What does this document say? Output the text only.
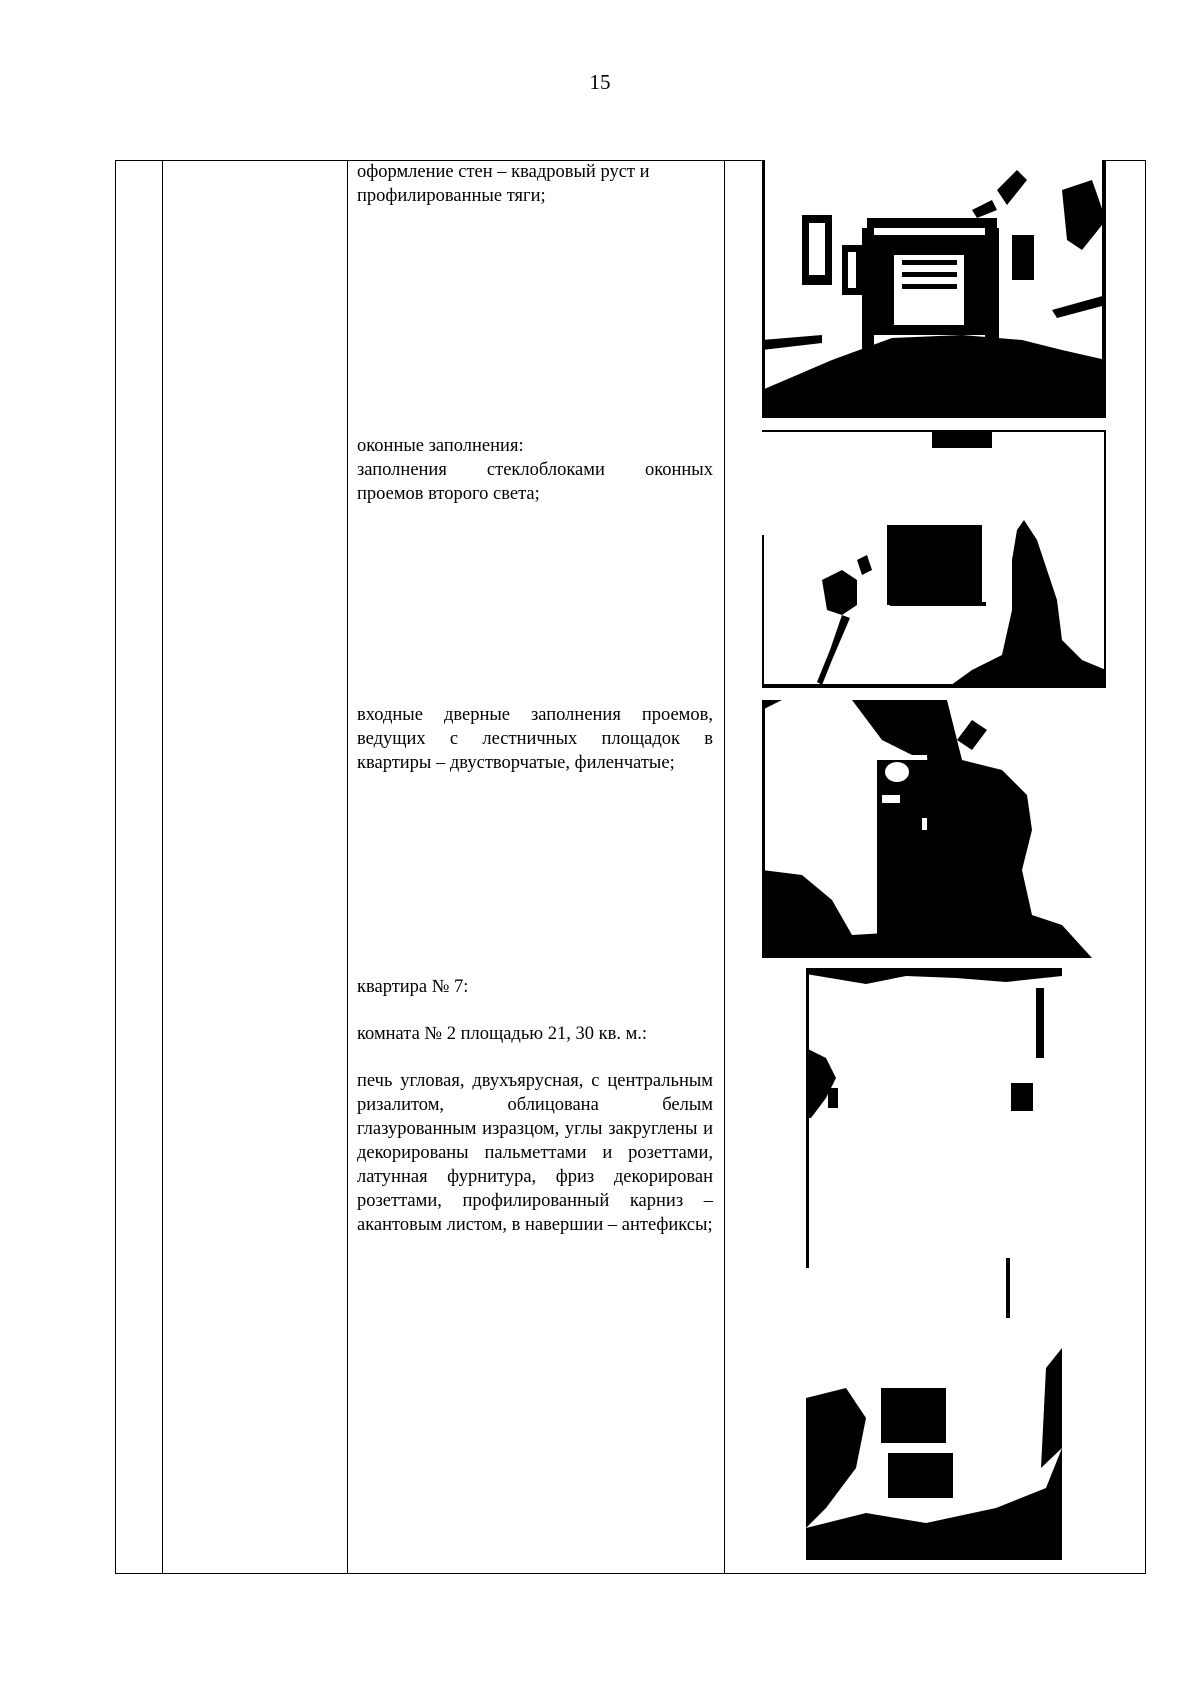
15

оформление стен – квадровый руст и

профилированные тяги;

оконные заполнения:

заполнения стеклоблоками оконных проемов второго света;

входные дверные заполнения проемов, ведущих с лестничных площадок в квартиры – двустворчатые, филенчатые;

квартира № 7:

комната № 2 площадью 21, 30 кв. м.:

печь угловая, двухъярусная, с центральным ризалитом, облицована белым глазурованным изразцом, углы закруглены и декорированы пальметтами и розеттами, латунная фурнитура, фриз декорирован розеттами, профилированный карниз – акантовым листом, в навершии – антефиксы;
